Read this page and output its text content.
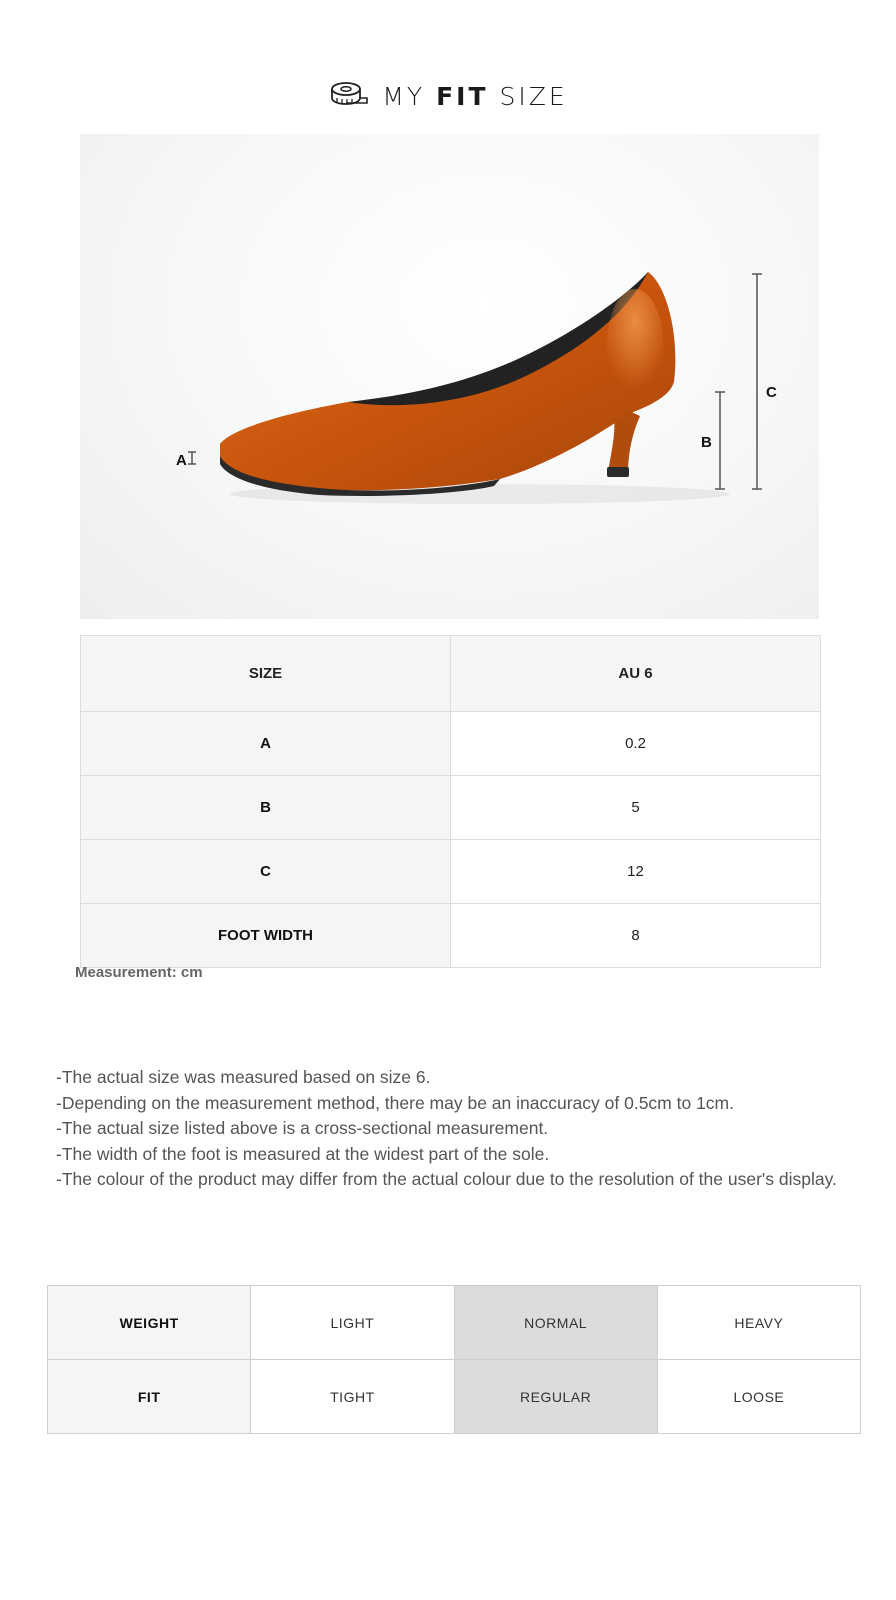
MY FIT SIZE
A
B
C
SIZE	AU 6
A	0.2
B	5
C	12
FOOT WIDTH	8
Measurement: cm
-The actual size was measured based on size 6.
-Depending on the measurement method, there may be an inaccuracy of 0.5cm to 1cm.
-The actual size listed above is a cross-sectional measurement.
-The width of the foot is measured at the widest part of the sole.
-The colour of the product may differ from the actual colour due to the resolution of the user's display.
WEIGHT	LIGHT	NORMAL	HEAVY
FIT	TIGHT	REGULAR	LOOSE
